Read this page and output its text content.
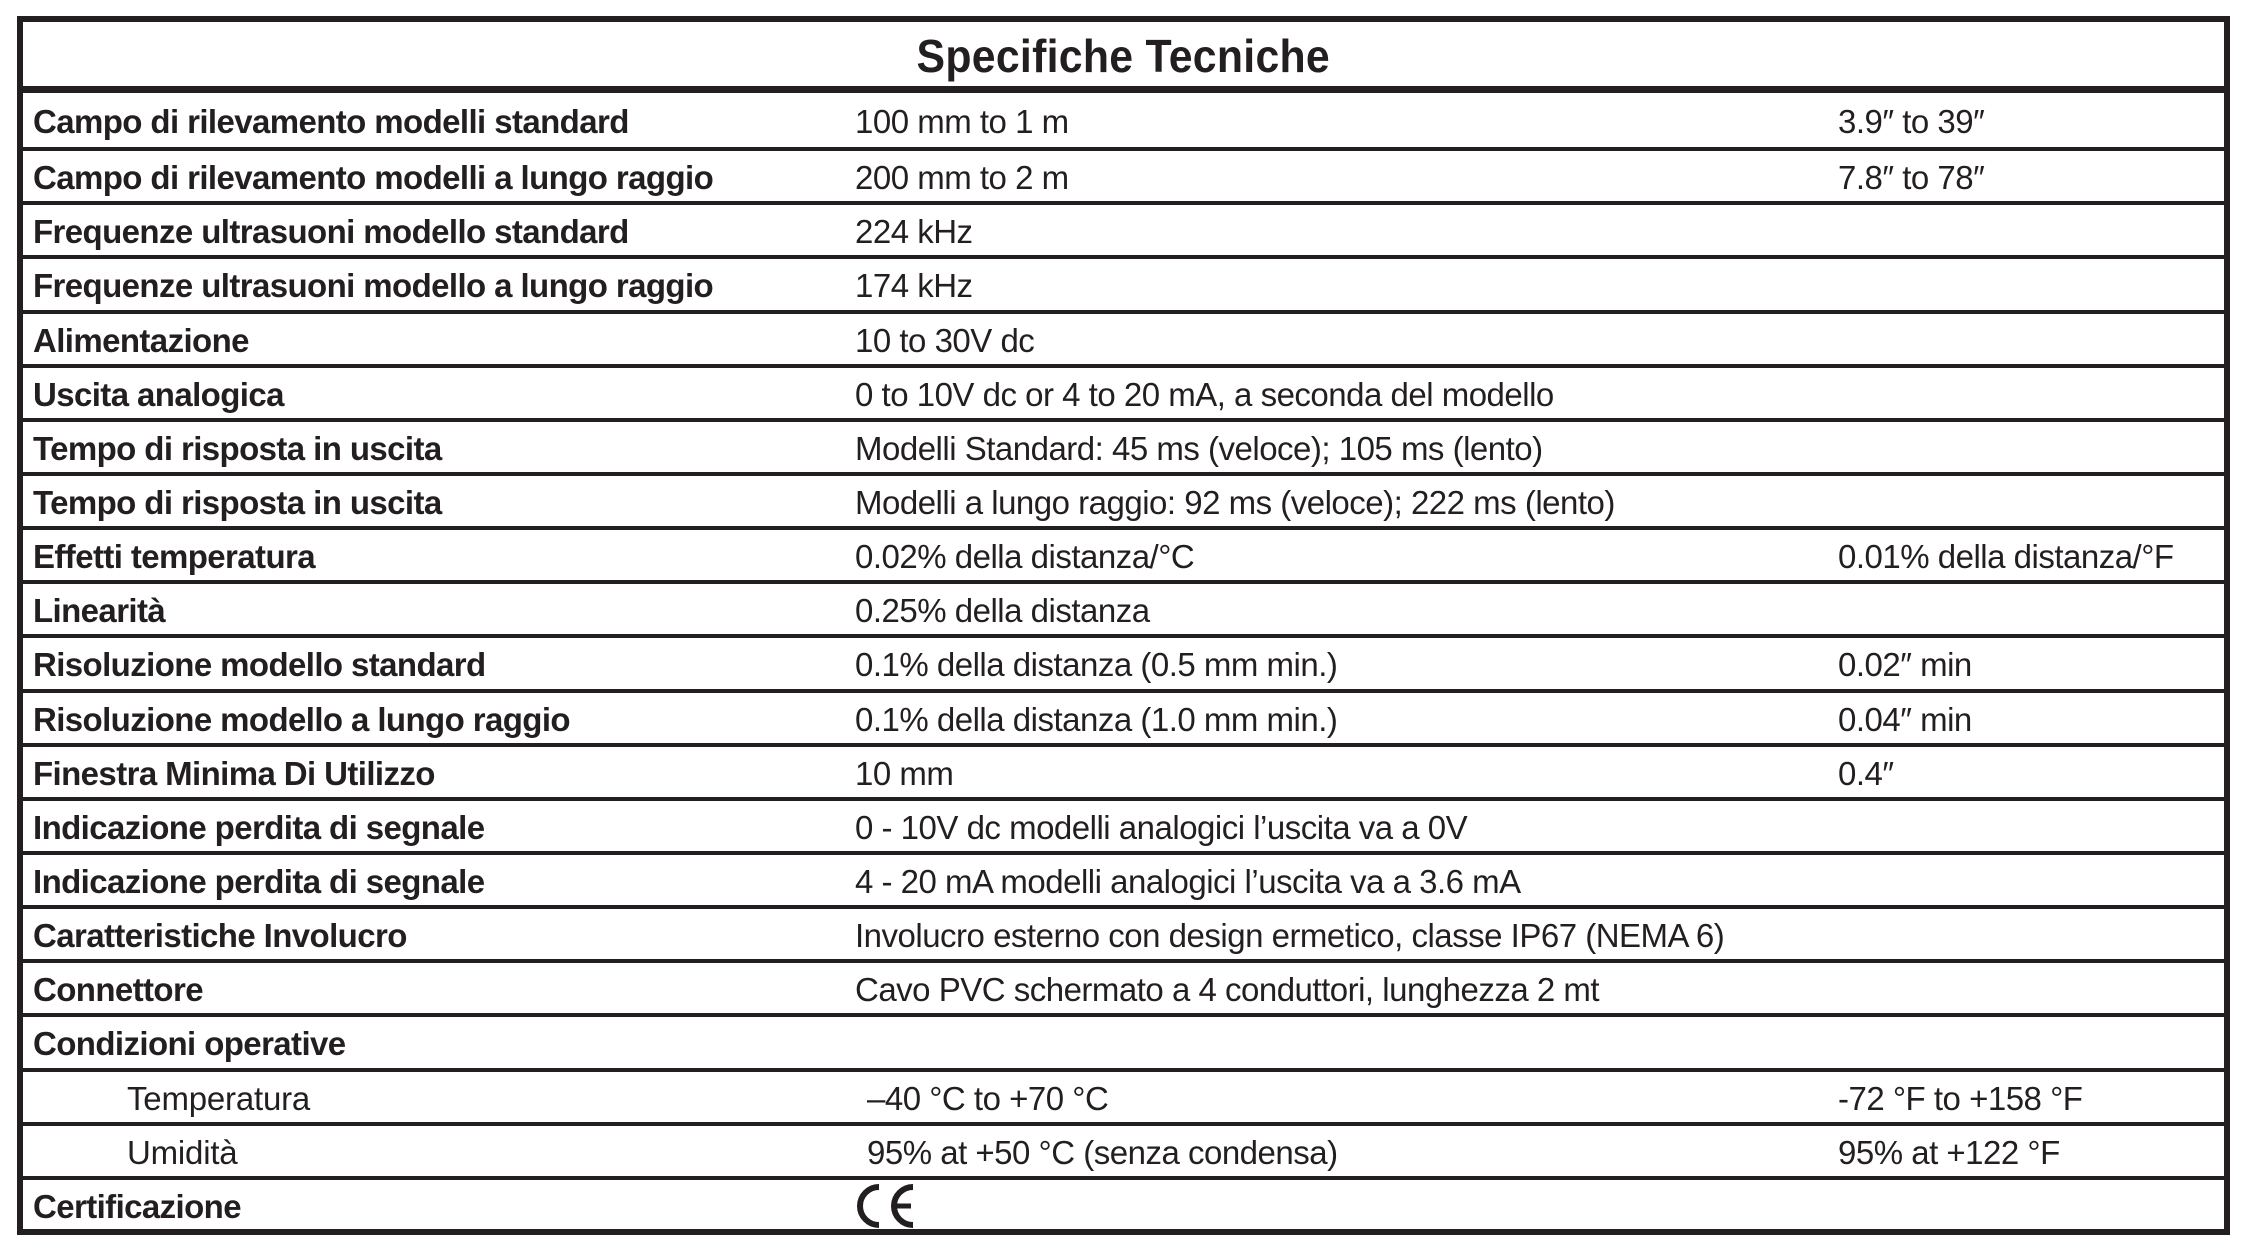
Specifiche Tecniche
Campo di rilevamento modelli standard	100 mm to 1 m	3.9″ to 39″
Campo di rilevamento modelli a lungo raggio	200 mm to 2 m	7.8″ to 78″
Frequenze ultrasuoni modello standard	224 kHz
Frequenze ultrasuoni modello a lungo raggio	174 kHz
Alimentazione	10 to 30V dc
Uscita analogica	0 to 10V dc or 4 to 20 mA, a seconda del modello
Tempo di risposta in uscita	Modelli Standard: 45 ms (veloce); 105 ms (lento)
Tempo di risposta in uscita	Modelli a lungo raggio: 92 ms (veloce); 222 ms (lento)
Effetti temperatura	0.02% della distanza/°C	0.01% della distanza/°F
Linearità	0.25% della distanza
Risoluzione modello standard	0.1% della distanza (0.5 mm min.)	0.02″ min
Risoluzione modello a lungo raggio	0.1% della distanza (1.0 mm min.)	0.04″ min
Finestra Minima Di Utilizzo	10 mm	0.4″
Indicazione perdita di segnale	0 - 10V dc modelli analogici l’uscita va a 0V
Indicazione perdita di segnale	4 - 20 mA modelli analogici l’uscita va a 3.6 mA
Caratteristiche Involucro	Involucro esterno con design ermetico, classe IP67 (NEMA 6)
Connettore	Cavo PVC schermato a 4 conduttori, lunghezza 2 mt
Condizioni operative
Temperatura	–40 °C to +70 °C	-72 °F to +158 °F
Umidità	95% at +50 °C (senza condensa)	95% at +122 °F
Certificazione
